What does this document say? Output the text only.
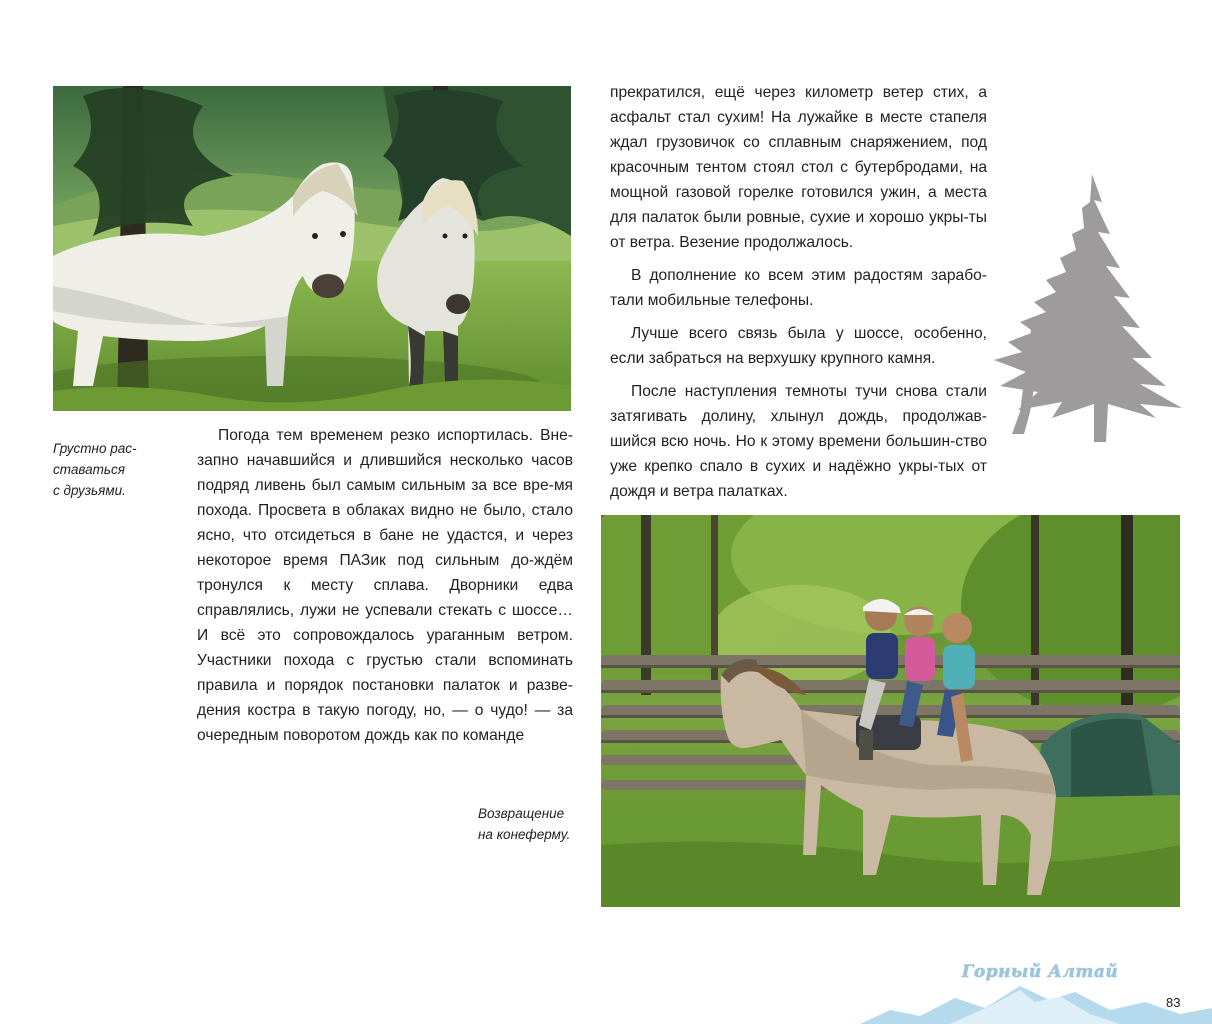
Грустно рас-
ставаться
с друзьями.

Погода тем временем резко испортилась. Вне-запно начавшийся и длившийся несколько часов подряд ливень был самым сильным за все вре-мя похода. Просвета в облаках видно не было, стало ясно, что отсидеться в бане не удастся, и через некоторое время ПАЗик под сильным до-ждём тронулся к месту сплава. Дворники едва справлялись, лужи не успевали стекать с шоссе… И всё это сопровождалось ураганным ветром. Участники похода с грустью стали вспоминать правила и порядок постановки палаток и разве-дения костра в такую погоду, но, — о чудо! — за очередным поворотом дождь как по команде

Возвращение
на конеферму.

прекратился, ещё через километр ветер стих, а асфальт стал сухим! На лужайке в месте стапеля ждал грузовичок со сплавным снаряжением, под красочным тентом стоял стол с бутербродами, на мощной газовой горелке готовился ужин, а места для палаток были ровные, сухие и хорошо укры-ты от ветра. Везение продолжалось.

В дополнение ко всем этим радостям зарабо-тали мобильные телефоны.

Лучше всего связь была у шоссе, особенно, если забраться на верхушку крупного камня.

После наступления темноты тучи снова стали затягивать долину, хлынул дождь, продолжав-шийся всю ночь. Но к этому времени большин-ство уже крепко спало в сухих и надёжно укры-тых от дождя и ветра палатках.

Горный Алтай
83
